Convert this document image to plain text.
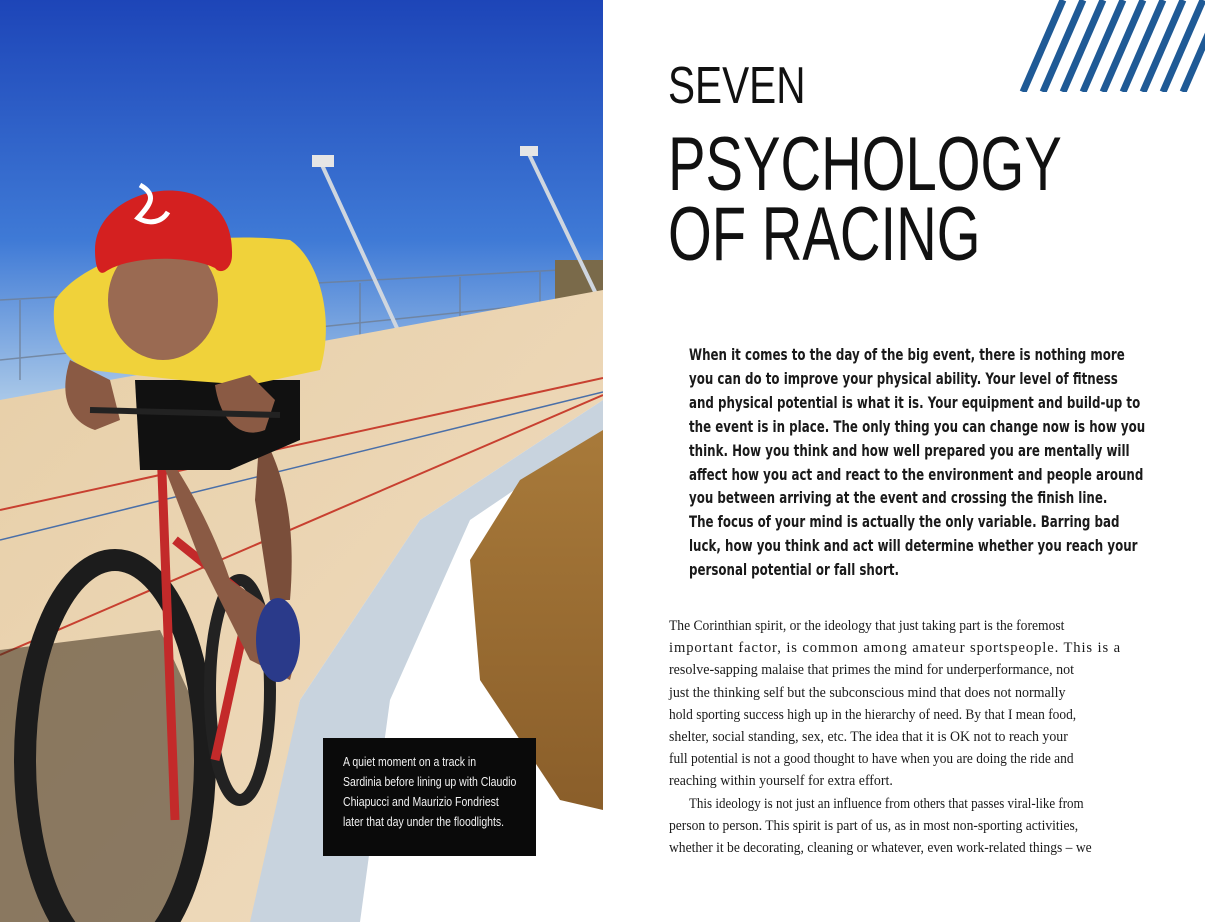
A quiet moment on a track in
Sardinia before lining up with Claudio
Chiapucci and Maurizio Fondriest
later that day under the floodlights.
SEVEN
PSYCHOLOGY
OF RACING
When it comes to the day of the big event, there is nothing more
you can do to improve your physical ability. Your level of fitness
and physical potential is what it is. Your equipment and build-up to
the event is in place. The only thing you can change now is how you
think. How you think and how well prepared you are mentally will
affect how you act and react to the environment and people around
you between arriving at the event and crossing the finish line.
The focus of your mind is actually the only variable. Barring bad
luck, how you think and act will determine whether you reach your
personal potential or fall short.
The Corinthian spirit, or the ideology that just taking part is the foremost
important factor, is common among amateur sportspeople. This is a
resolve-sapping malaise that primes the mind for underperformance, not
just the thinking self but the subconscious mind that does not normally
hold sporting success high up in the hierarchy of need. By that I mean food,
shelter, social standing, sex, etc. The idea that it is OK not to reach your
full potential is not a good thought to have when you are doing the ride and
reaching within yourself for extra effort.
This ideology is not just an influence from others that passes viral-like from
person to person. This spirit is part of us, as in most non-sporting activities,
whether it be decorating, cleaning or whatever, even work-related things – we
